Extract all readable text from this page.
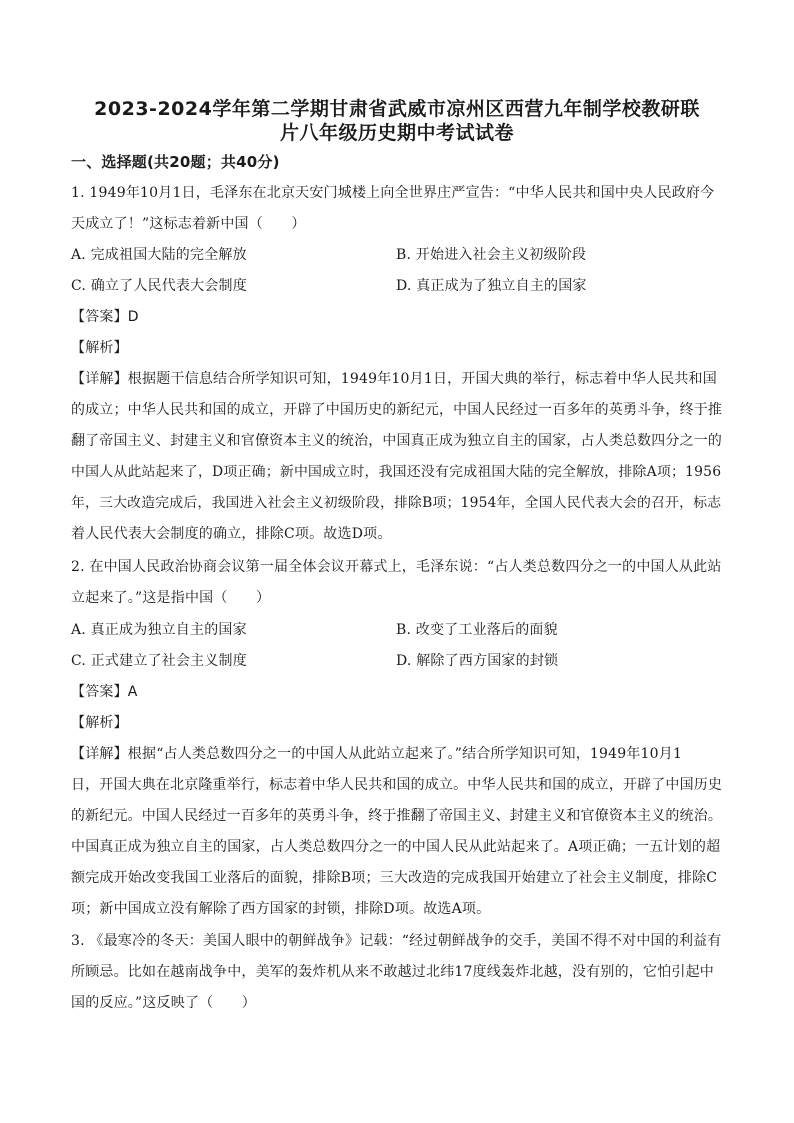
2023-2024学年第二学期甘肃省武威市凉州区西营九年制学校教研联
片八年级历史期中考试试卷
一、选择题(共20题；共40分)
1. 1949年10月1日，毛泽东在北京天安门城楼上向全世界庄严宣告：“中华人民共和国中央人民政府今
天成立了！”这标志着新中国（　　）
A. 完成祖国大陆的完全解放	B. 开始进入社会主义初级阶段
C. 确立了人民代表大会制度	D. 真正成为了独立自主的国家
【答案】D
【解析】
【详解】根据题干信息结合所学知识可知，1949年10月1日，开国大典的举行，标志着中华人民共和国
的成立；中华人民共和国的成立，开辟了中国历史的新纪元，中国人民经过一百多年的英勇斗争，终于推
翻了帝国主义、封建主义和官僚资本主义的统治，中国真正成为独立自主的国家，占人类总数四分之一的
中国人从此站起来了，D项正确；新中国成立时，我国还没有完成祖国大陆的完全解放，排除A项；1956
年，三大改造完成后，我国进入社会主义初级阶段，排除B项；1954年，全国人民代表大会的召开，标志
着人民代表大会制度的确立，排除C项。故选D项。
2. 在中国人民政治协商会议第一届全体会议开幕式上，毛泽东说：“占人类总数四分之一的中国人从此站
立起来了。”这是指中国（　　）
A. 真正成为独立自主的国家	B. 改变了工业落后的面貌
C. 正式建立了社会主义制度	D. 解除了西方国家的封锁
【答案】A
【解析】
【详解】根据“占人类总数四分之一的中国人从此站立起来了。”结合所学知识可知，1949年10月1
日，开国大典在北京隆重举行，标志着中华人民共和国的成立。中华人民共和国的成立，开辟了中国历史
的新纪元。中国人民经过一百多年的英勇斗争，终于推翻了帝国主义、封建主义和官僚资本主义的统治。
中国真正成为独立自主的国家，占人类总数四分之一的中国人民从此站起来了。A项正确；一五计划的超
额完成开始改变我国工业落后的面貌，排除B项；三大改造的完成我国开始建立了社会主义制度，排除C
项；新中国成立没有解除了西方国家的封锁，排除D项。故选A项。
3. 《最寒冷的冬天：美国人眼中的朝鲜战争》记载：“经过朝鲜战争的交手，美国不得不对中国的利益有
所顾忌。比如在越南战争中，美军的轰炸机从来不敢越过北纬17度线轰炸北越，没有别的，它怕引起中
国的反应。”这反映了（　　）
